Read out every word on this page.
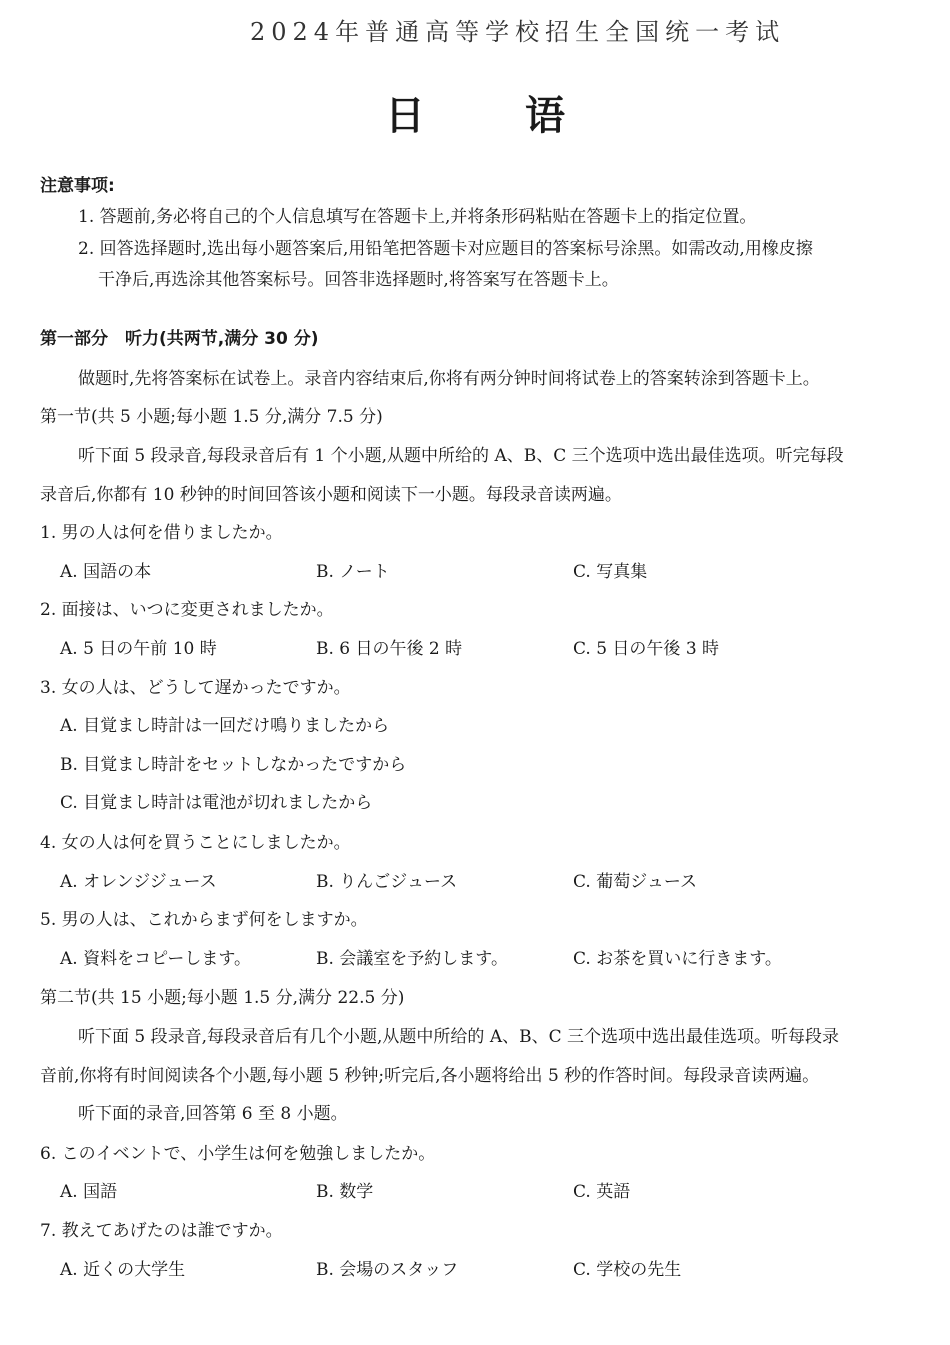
2024年普通高等学校招生全国统一考试
日　语
注意事项:
1. 答题前,务必将自己的个人信息填写在答题卡上,并将条形码粘贴在答题卡上的指定位置。
2. 回答选择题时,选出每小题答案后,用铅笔把答题卡对应题目的答案标号涂黑。如需改动,用橡皮擦
干净后,再选涂其他答案标号。回答非选择题时,将答案写在答题卡上。
第一部分　听力(共两节,满分 30 分)
做题时,先将答案标在试卷上。录音内容结束后,你将有两分钟时间将试卷上的答案转涂到答题卡上。
第一节(共 5 小题;每小题 1.5 分,满分 7.5 分)
听下面 5 段录音,每段录音后有 1 个小题,从题中所给的 A、B、C 三个选项中选出最佳选项。听完每段
录音后,你都有 10 秒钟的时间回答该小题和阅读下一小题。每段录音读两遍。
1. 男の人は何を借りましたか。
A. 国語の本	B. ノート	C. 写真集
2. 面接は、いつに変更されましたか。
A. 5 日の午前 10 時	B. 6 日の午後 2 時	C. 5 日の午後 3 時
3. 女の人は、どうして遅かったですか。
A. 目覚まし時計は一回だけ鳴りましたから
B. 目覚まし時計をセットしなかったですから
C. 目覚まし時計は電池が切れましたから
4. 女の人は何を買うことにしましたか。
A. オレンジジュース	B. りんごジュース	C. 葡萄ジュース
5. 男の人は、これからまず何をしますか。
A. 資料をコピーします。	B. 会議室を予約します。	C. お茶を買いに行きます。
第二节(共 15 小题;每小题 1.5 分,满分 22.5 分)
听下面 5 段录音,每段录音后有几个小题,从题中所给的 A、B、C 三个选项中选出最佳选项。听每段录
音前,你将有时间阅读各个小题,每小题 5 秒钟;听完后,各小题将给出 5 秒的作答时间。每段录音读两遍。
听下面的录音,回答第 6 至 8 小题。
6. このイベントで、小学生は何を勉強しましたか。
A. 国語	B. 数学	C. 英語
7. 教えてあげたのは誰ですか。
A. 近くの大学生	B. 会場のスタッフ	C. 学校の先生
